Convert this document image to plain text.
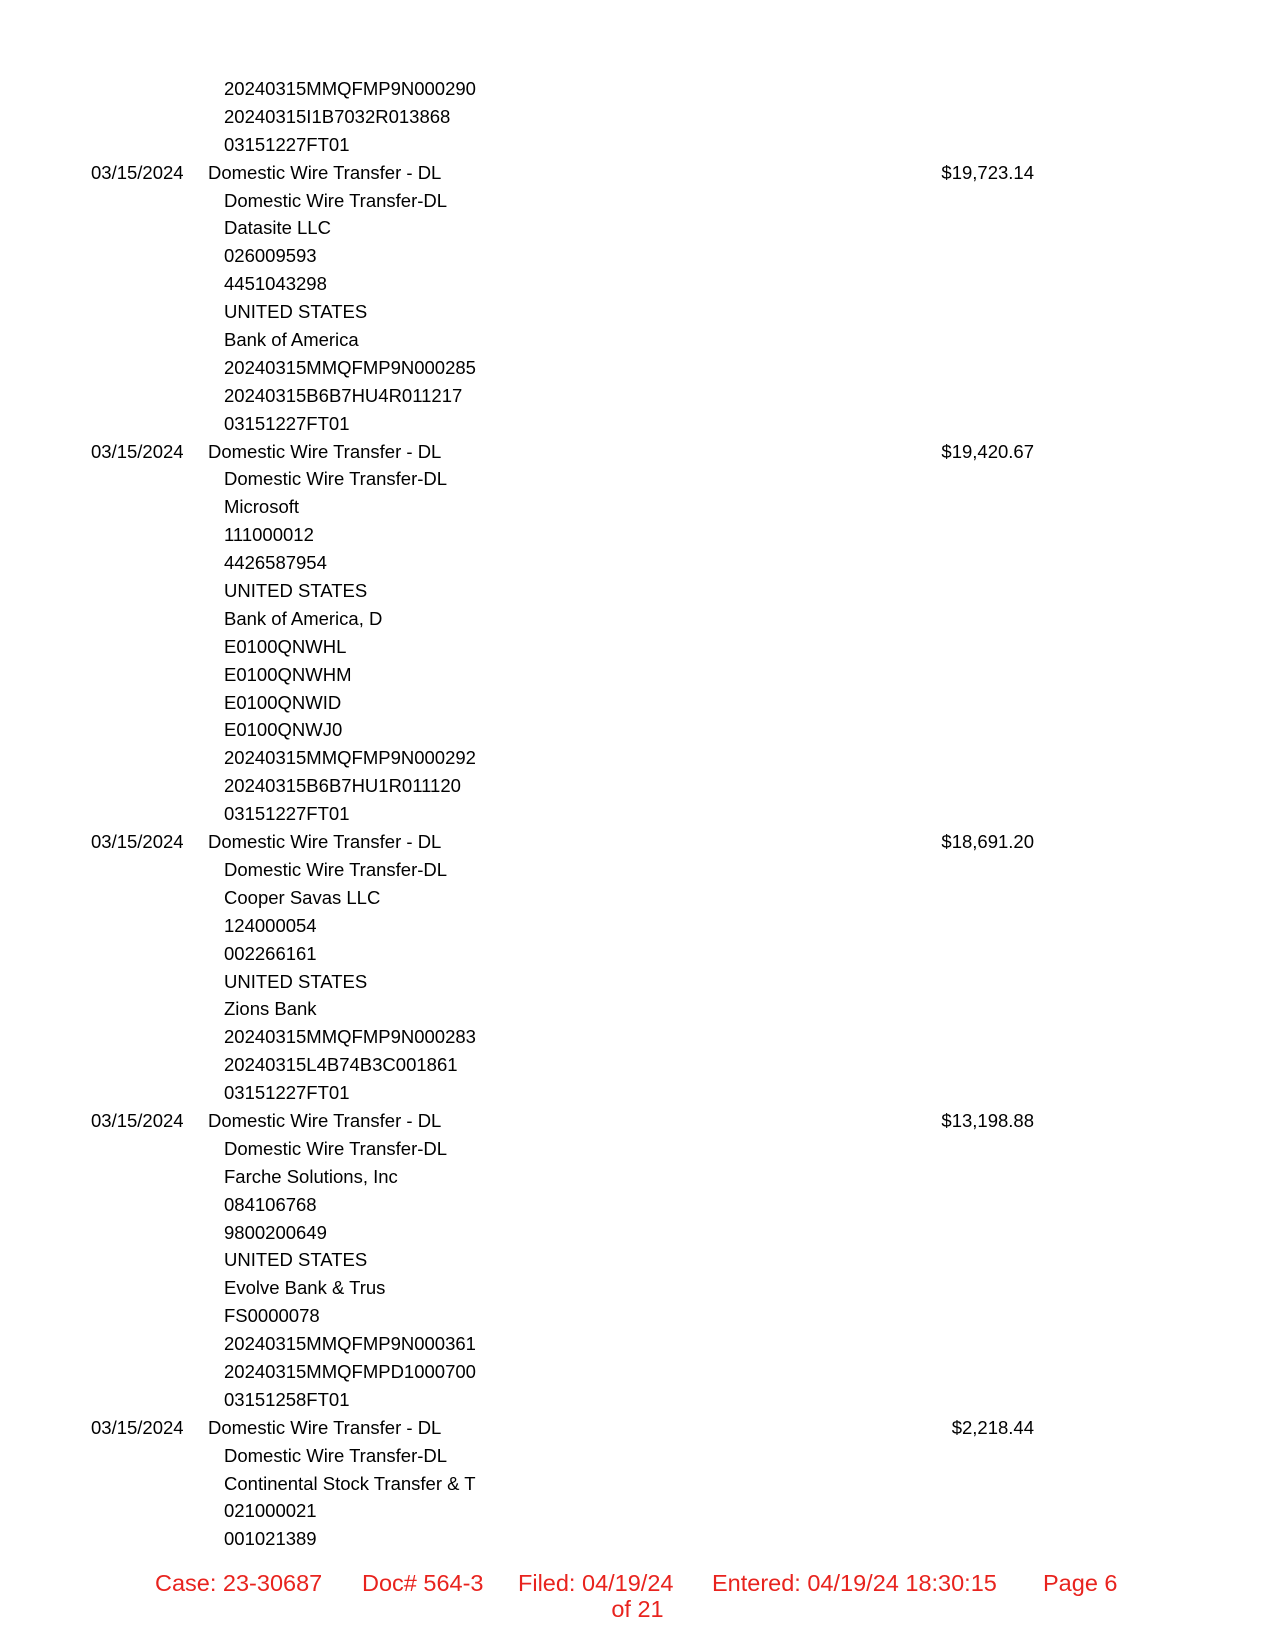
20240315MMQFMP9N000290
20240315I1B7032R013868
03151227FT01
03/15/2024 Domestic Wire Transfer - DL	$19,723.14
Domestic Wire Transfer-DL
Datasite LLC
026009593
4451043298
UNITED STATES
Bank of America
20240315MMQFMP9N000285
20240315B6B7HU4R011217
03151227FT01
03/15/2024 Domestic Wire Transfer - DL	$19,420.67
Domestic Wire Transfer-DL
Microsoft
111000012
4426587954
UNITED STATES
Bank of America, D
E0100QNWHL
E0100QNWHM
E0100QNWID
E0100QNWJ0
20240315MMQFMP9N000292
20240315B6B7HU1R011120
03151227FT01
03/15/2024 Domestic Wire Transfer - DL	$18,691.20
Domestic Wire Transfer-DL
Cooper Savas LLC
124000054
002266161
UNITED STATES
Zions Bank
20240315MMQFMP9N000283
20240315L4B74B3C001861
03151227FT01
03/15/2024 Domestic Wire Transfer - DL	$13,198.88
Domestic Wire Transfer-DL
Farche Solutions, Inc
084106768
9800200649
UNITED STATES
Evolve Bank & Trus
FS0000078
20240315MMQFMP9N000361
20240315MMQFMPD1000700
03151258FT01
03/15/2024 Domestic Wire Transfer - DL	$2,218.44
Domestic Wire Transfer-DL
Continental Stock Transfer & T
021000021
001021389
Case: 23-30687 Doc# 564-3 Filed: 04/19/24 Entered: 04/19/24 18:30:15 Page 6
of 21
